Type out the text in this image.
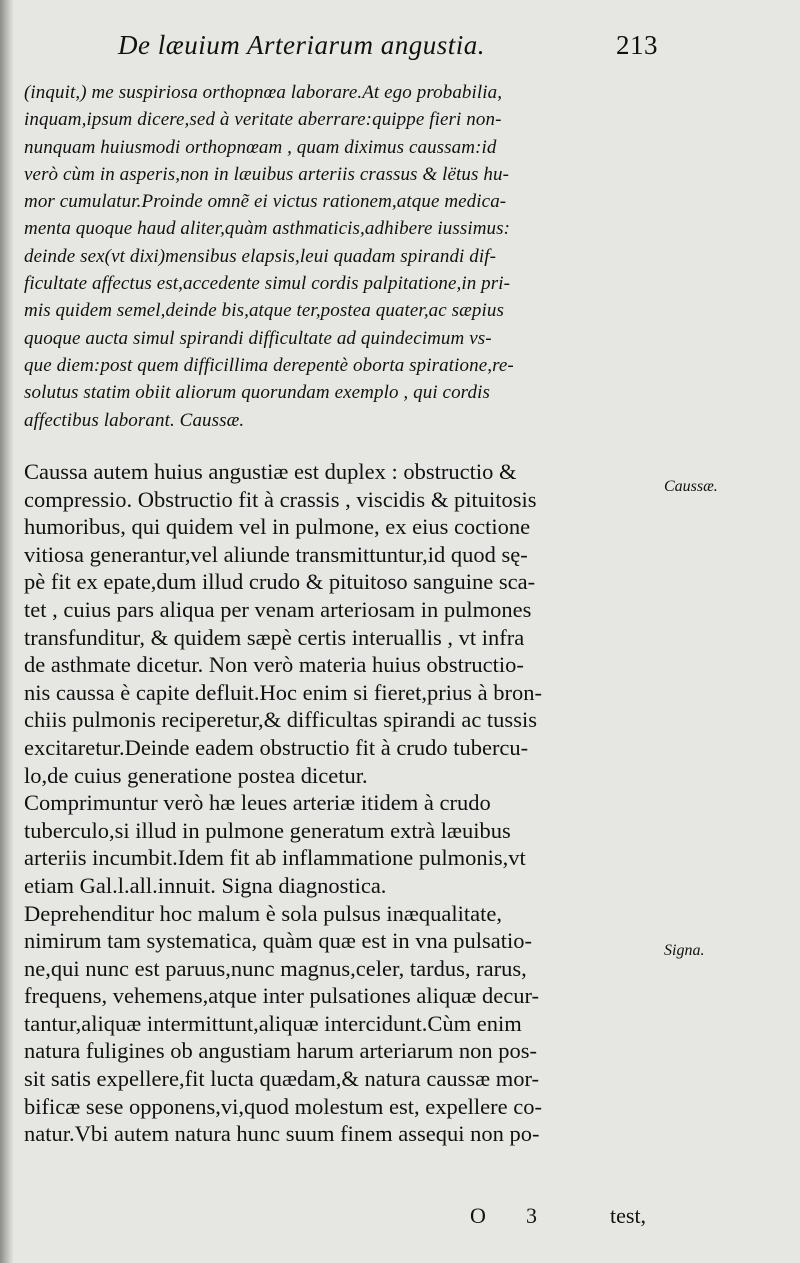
De læuium Arteriarum angustia.	213
(inquit,) me suspiriosa orthopnœa laborare.At ego probabilia,
inquam,ipsum dicere,sed à veritate aberrare:quippe fieri non-
nunquam huiusmodi orthopnœam , quam diximus caussam:id
verò cùm in asperis,non in læuibus arteriis crassus & lëtus hu-
mor cumulatur.Proinde omnẽ ei victus rationem,atque medica-
menta quoque haud aliter,quàm asthmaticis,adhibere iussimus:
deinde sex(vt dixi)mensibus elapsis,leui quadam spirandi dif-
ficultate affectus est,accedente simul cordis palpitatione,in pri-
mis quidem semel,deinde bis,atque ter,postea quater,ac sæpius
quoque aucta simul spirandi difficultate ad quindecimum vs-
que diem:post quem difficillima derepentè oborta spiratione,re-
solutus statim obiit aliorum quorundam exemplo , qui cordis
affectibus laborant. Caussæ.
Caussa autem huius angustiæ est duplex : obstructio &
compressio. Obstructio fit à crassis , viscidis & pituitosis
humoribus, qui quidem vel in pulmone, ex eius coctione
vitiosa generantur,vel aliunde transmittuntur,id quod sę-
pè fit ex epate,dum illud crudo & pituitoso sanguine sca-
tet , cuius pars aliqua per venam arteriosam in pulmones
transfunditur, & quidem sæpè certis interuallis , vt infra
de asthmate dicetur. Non verò materia huius obstructio-
nis caussa è capite defluit.Hoc enim si fieret,prius à bron-
chiis pulmonis reciperetur,& difficultas spirandi ac tussis
excitaretur.Deinde eadem obstructio fit à crudo tubercu-
lo,de cuius generatione postea dicetur.
Comprimuntur verò hæ leues arteriæ itidem à crudo
tuberculo,si illud in pulmone generatum extrà læuibus
arteriis incumbit.Idem fit ab inflammatione pulmonis,vt
etiam Gal.l.all.innuit. Signa diagnostica.
Deprehenditur hoc malum è sola pulsus inæqualitate,
nimirum tam systematica, quàm quæ est in vna pulsatio-
ne,qui nunc est paruus,nunc magnus,celer, tardus, rarus,
frequens, vehemens,atque inter pulsationes aliquæ decur-
tantur,aliquæ intermittunt,aliquæ intercidunt.Cùm enim
natura fuligines ob angustiam harum arteriarum non pos-
sit satis expellere,fit lucta quædam,& natura caussæ mor-
bificæ sese opponens,vi,quod molestum est, expellere co-
natur.Vbi autem natura hunc suum finem assequi non po-
Caussæ.
Signa.
O 3	test,
